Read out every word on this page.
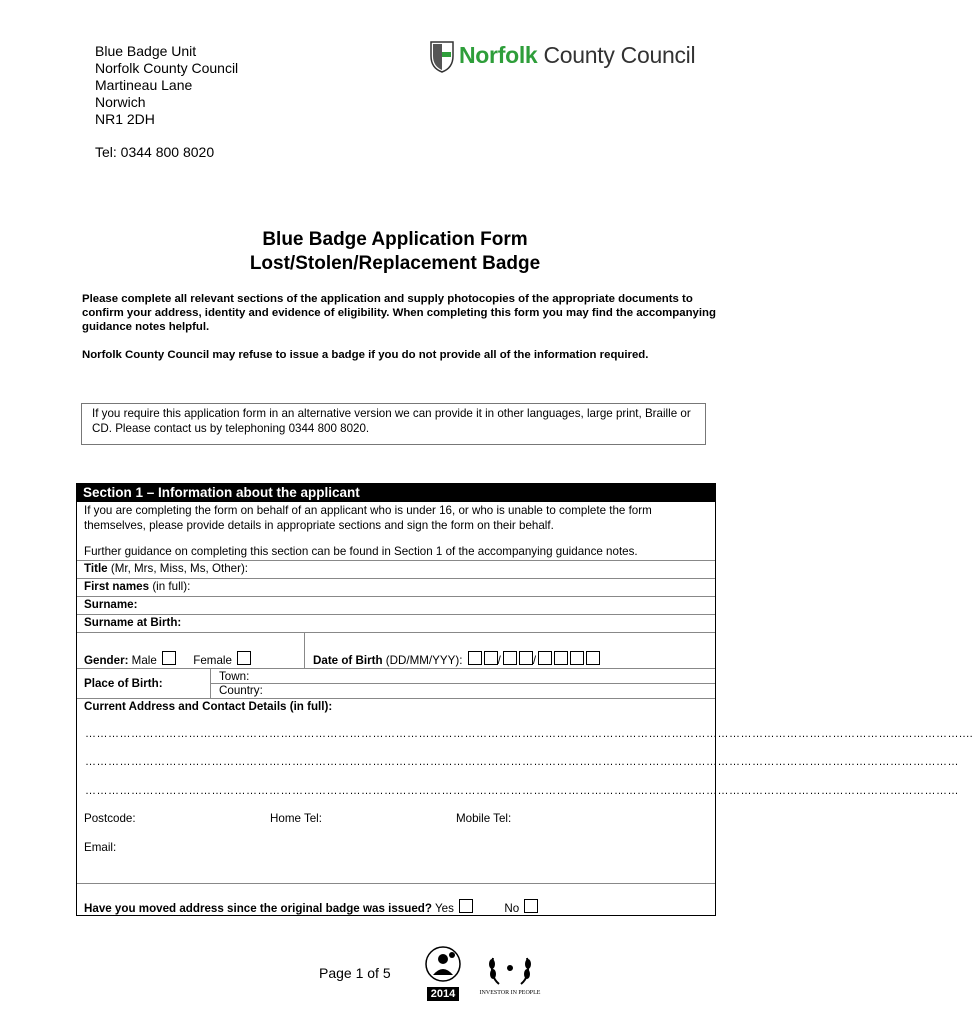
Blue Badge Unit
Norfolk County Council
Martineau Lane
Norwich
NR1 2DH
Tel: 0344 800 8020
Norfolk County Council
Blue Badge Application Form
Lost/Stolen/Replacement Badge
Please complete all relevant sections of the application and supply photocopies of the appropriate documents to confirm your address, identity and evidence of eligibility. When completing this form you may find the accompanying guidance notes helpful.
Norfolk County Council may refuse to issue a badge if you do not provide all of the information required.
If you require this application form in an alternative version we can provide it in other languages, large print, Braille or CD. Please contact us by telephoning 0344 800 8020.
Section 1 – Information about the applicant
If you are completing the form on behalf of an applicant who is under 16, or who is unable to complete the form themselves, please provide details in appropriate sections and sign the form on their behalf.
Further guidance on completing this section can be found in Section 1 of the accompanying guidance notes.
Title (Mr, Mrs, Miss, Ms, Other):
First names (in full):
Surname:
Surname at Birth:
Gender: Male	Female	Date of Birth (DD/MM/YYY):	/	/
Place of Birth:
Town:
Country:
Current Address and Contact Details (in full):
…………………………………………………………………………………………………………………………………………………………………………………………………………....
…………………………………………………………………………………………………………………………………………………………………………………………………………
…………………………………………………………………………………………………………………………………………………………………………………………………………
Postcode:	Home Tel:	Mobile Tel:
Email:
Have you moved address since the original badge was issued? Yes	No
Page 1 of 5
2014	INVESTOR IN PEOPLE
